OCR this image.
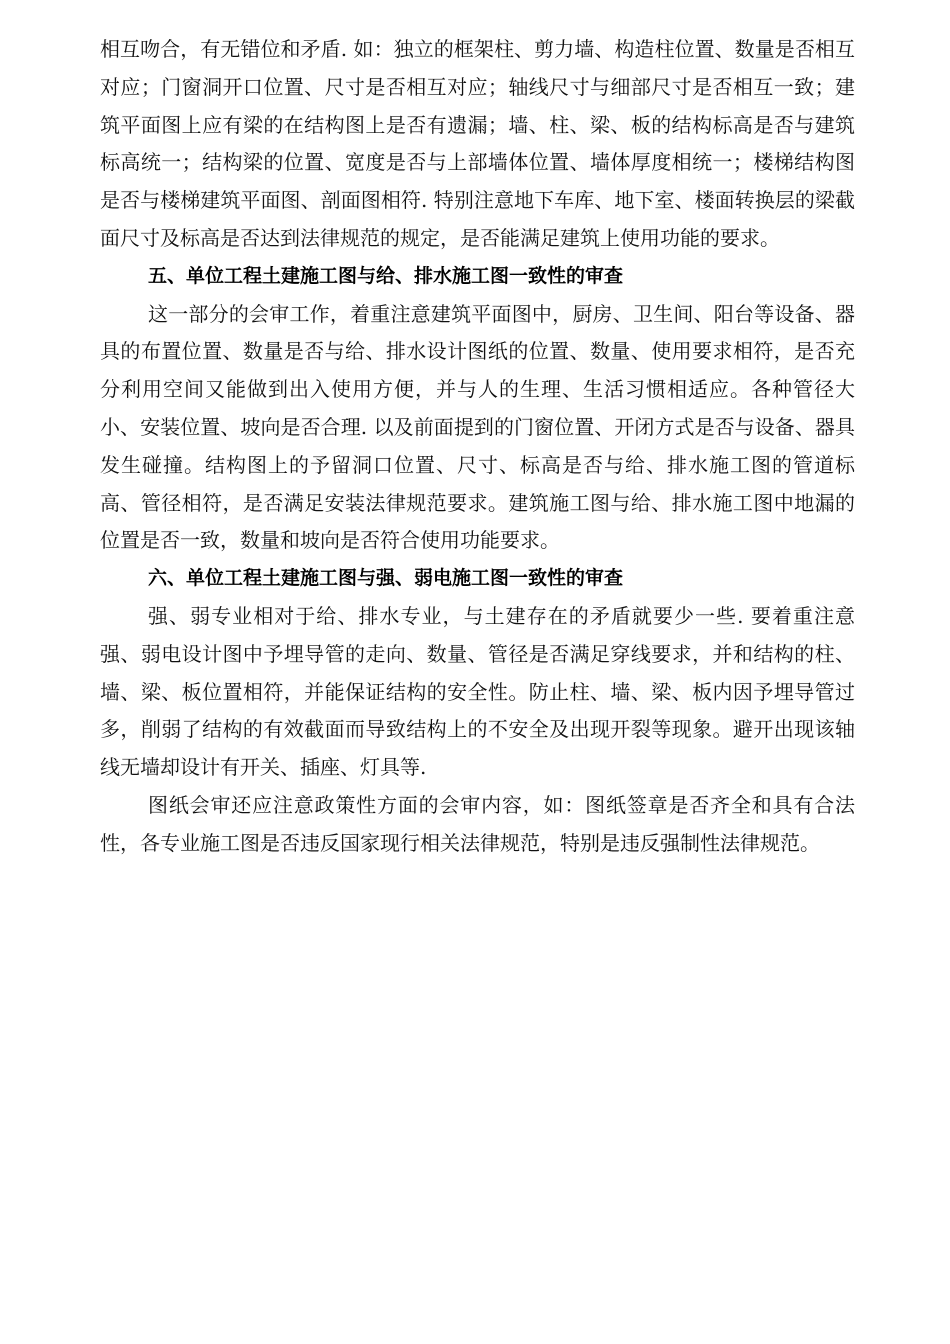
相互吻合，有无错位和矛盾. 如：独立的框架柱、剪力墙、构造柱位置、数量是否相互对应；门窗洞开口位置、尺寸是否相互对应；轴线尺寸与细部尺寸是否相互一致；建筑平面图上应有梁的在结构图上是否有遗漏；墙、柱、梁、板的结构标高是否与建筑标高统一；结构梁的位置、宽度是否与上部墙体位置、墙体厚度相统一；楼梯结构图是否与楼梯建筑平面图、剖面图相符. 特别注意地下车库、地下室、楼面转换层的梁截面尺寸及标高是否达到法律规范的规定，是否能满足建筑上使用功能的要求。

五、单位工程土建施工图与给、排水施工图一致性的审查

这一部分的会审工作，着重注意建筑平面图中，厨房、卫生间、阳台等设备、器具的布置位置、数量是否与给、排水设计图纸的位置、数量、使用要求相符，是否充分利用空间又能做到出入使用方便，并与人的生理、生活习惯相适应。各种管径大小、安装位置、坡向是否合理. 以及前面提到的门窗位置、开闭方式是否与设备、器具发生碰撞。结构图上的予留洞口位置、尺寸、标高是否与给、排水施工图的管道标高、管径相符，是否满足安装法律规范要求。建筑施工图与给、排水施工图中地漏的位置是否一致，数量和坡向是否符合使用功能要求。

六、单位工程土建施工图与强、弱电施工图一致性的审查

强、弱专业相对于给、排水专业，与土建存在的矛盾就要少一些. 要着重注意强、弱电设计图中予埋导管的走向、数量、管径是否满足穿线要求，并和结构的柱、墙、梁、板位置相符，并能保证结构的安全性。防止柱、墙、梁、板内因予埋导管过多，削弱了结构的有效截面而导致结构上的不安全及出现开裂等现象。避开出现该轴线无墙却设计有开关、插座、灯具等.

图纸会审还应注意政策性方面的会审内容，如：图纸签章是否齐全和具有合法性，各专业施工图是否违反国家现行相关法律规范，特别是违反强制性法律规范。
